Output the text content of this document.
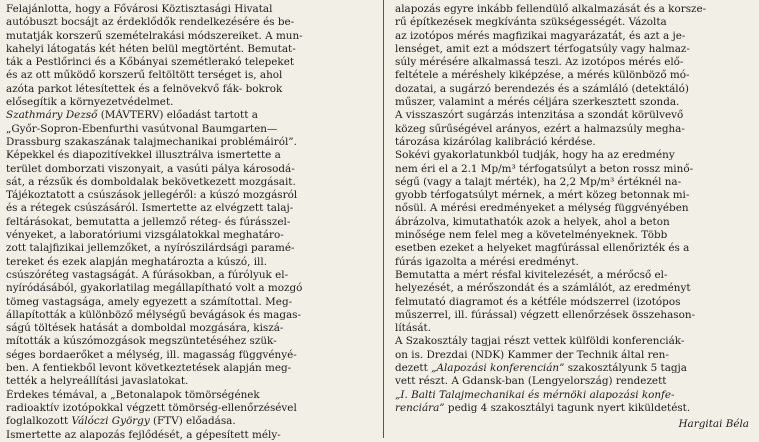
Felajánlotta, hogy a Fővárosi Köztisztasági Hivatal
autóbuszt bocsájt az érdeklődők rendelkezésére és be-
mutatják korszerű szemételrakási módszereiket. A mun-
kahelyi látogatás két héten belül megtörtént. Bemutat-
ták a Pestlőrinci és a Kőbányai szemétlerakó telepeket
és az ott működő korszerű feltöltött terséget is, ahol
azóta parkot létesítettek és a felnövekvő fák- bokrok
elősegítik a környezetvédelmet.
Szathmáry Dezső (MÁVTERV) előadást tartott a
„Győr-Sopron-Ebenfurthi vasútvonal Baumgarten—
Drassburg szakaszának talajmechanikai problémáiról”.
Képekkel és diapozitívekkel illusztrálva ismertette a
terület domborzati viszonyait, a vasúti pálya károsodá-
sát, a rézsűk és domboldalak bekövetkezett mozgásait.
Tájékoztatott a csúszások jellegéről: a kúszó mozgásról
és a rétegek csúszásáról. Ismertette az elvégzett talaj-
feltárásokat, bemutatta a jellemző réteg- és fúrásszel-
vényeket, a laboratóriumi vizsgálatokkal meghatáro-
zott talajfizikai jellemzőket, a nyírószilárdsági paramé-
tereket és ezek alapján meghatározta a kúszó, ill.
csúszóréteg vastagságát. A fúrásokban, a fúrólyuk el-
nyíródásából, gyakorlatilag megállapítható volt a mozgó
tömeg vastagsága, amely egyezett a számítottal. Meg-
állapították a különböző mélységű bevágások és magas-
ságú töltések hatását a domboldal mozgására, kiszá-
mították a kúszómozgások megszüntetéséhez szük-
séges bordaerőket a mélység, ill. magasság függvényé-
ben. A fentiekből levont következtetések alapján meg-
tették a helyreállítási javaslatokat.
Érdekes témával, a „Betonalapok tömörségének
radioaktív izotópokkal végzett tömörség-ellenőrzésével
foglalkozott Válóczi György (FTV) előadása.
Ismertette az alapozás fejlődését, a gépesített mély-
alapozás egyre inkább fellendülő alkalmazását és a korsze-
rű építkezések megkívánta szükségességét. Vázolta
az izotópos mérés magfizikai magyarázatát, és azt a je-
lenséget, amit ezt a módszert térfogatsúly vagy halmaz-
súly mérésére alkalmassá teszi. Az izotópos mérés elő-
feltétele a méréshely kiképzése, a mérés különböző mó-
dozatai, a sugárzó berendezés és a számláló (detektáló)
műszer, valamint a mérés céljára szerkesztett szonda.
A visszaszórt sugárzás intenzitása a szondát körülvevő
közeg sűrűségével arányos, ezért a halmazsúly megha-
tározása kizárólag kalibráció kérdése.
Sokévi gyakorlatunkból tudják, hogy ha az eredmény
nem éri el a 2.1 Mp/m³ térfogatsúlyt a beton rossz minő-
ségű (vagy a talajt mérték), ha 2,2 Mp/m³ értéknél na-
gyobb térfogatsúlyt mérnek, a mért közeg betonnak mi-
nősül. A mérési eredményeket a mélység függvényében
ábrázolva, kimutathatók azok a helyek, ahol a beton
minősége nem felel meg a követelményeknek. Több
esetben ezeket a helyeket magfúrással ellenőrizték és a
fúrás igazolta a mérési eredményt.
Bemutatta a mért résfal kivitelezését, a mérőcső el-
helyezését, a mérőszondát és a számlálót, az eredményt
felmutató diagramot és a kétféle módszerrel (izotópos
műszerrel, ill. fúrással) végzett ellenőrzések összehason-
lítását.
A Szakosztály tagjai részt vettek külföldi konferenciák-
on is. Drezdai (NDK) Kammer der Technik által ren-
dezett „Alapozási konferencián” szakosztályunk 5 tagja
vett részt. A Gdansk-ban (Lengyelország) rendezett
„I. Balti Talajmechanikai és mérnöki alapozási konfe-
renciára” pedig 4 szakosztályi tagunk nyert kiküldetést.
Hargitai Béla
